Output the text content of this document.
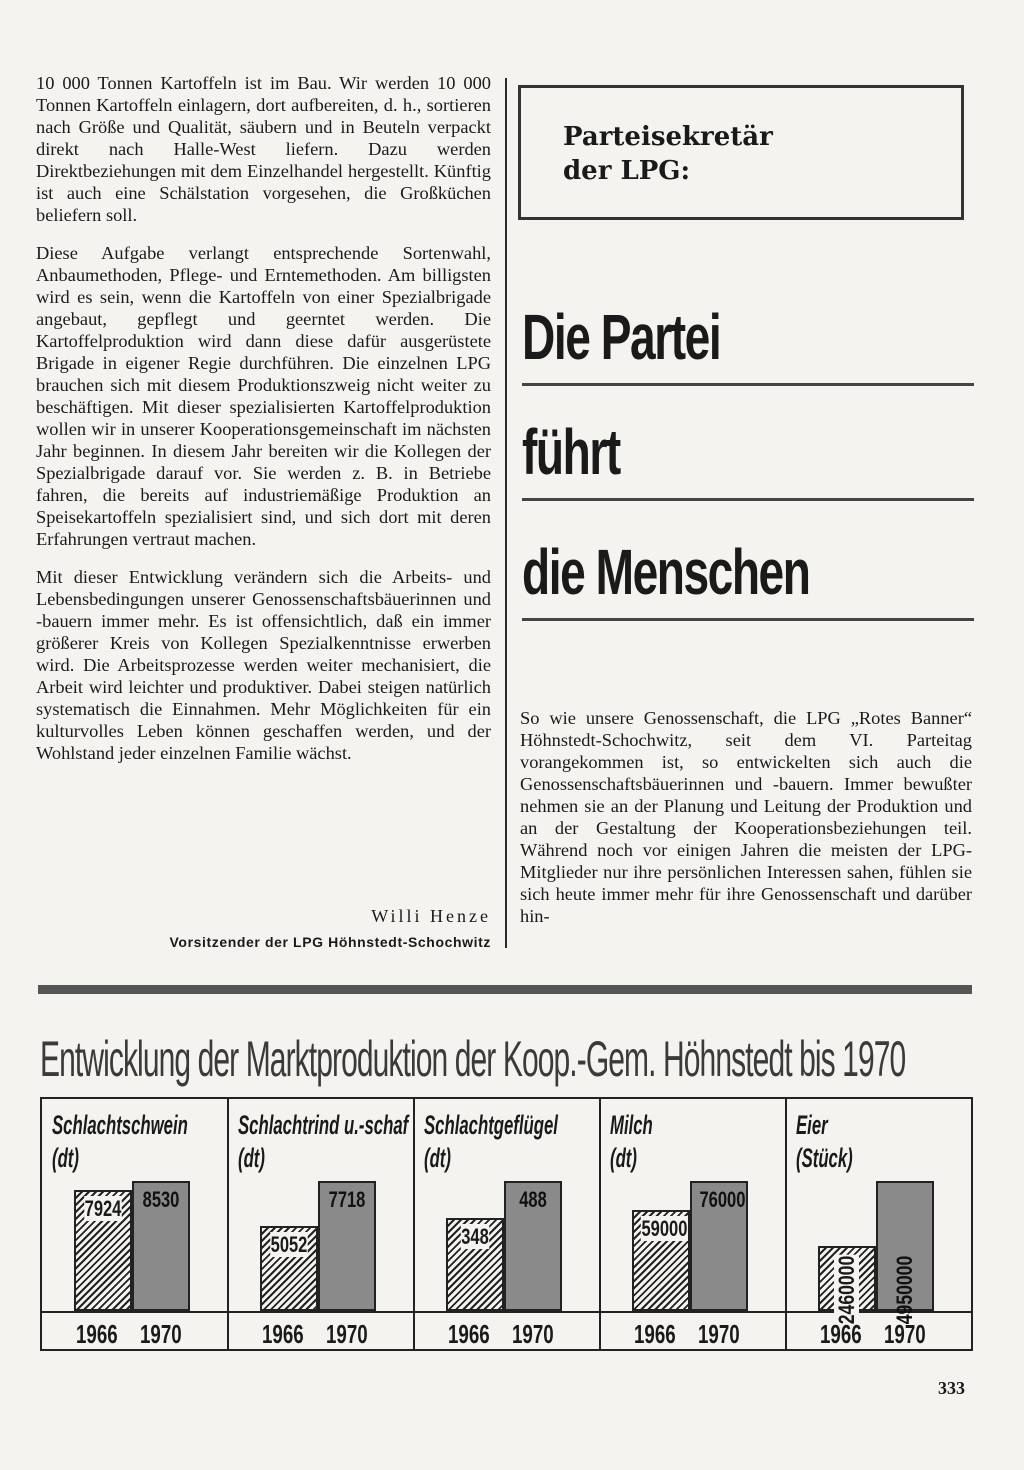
10 000 Tonnen Kartoffeln ist im Bau. Wir werden 10 000 Tonnen Kartoffeln einlagern, dort aufbereiten, d. h., sortieren nach Größe und Qualität, säubern und in Beuteln verpackt direkt nach Halle-West liefern. Dazu werden Direktbeziehungen mit dem Einzelhandel hergestellt. Künftig ist auch eine Schälstation vorgesehen, die Großküchen beliefern soll.

Diese Aufgabe verlangt entsprechende Sortenwahl, Anbaumethoden, Pflege- und Erntemethoden. Am billigsten wird es sein, wenn die Kartoffeln von einer Spezialbrigade angebaut, gepflegt und geerntet werden. Die Kartoffelproduktion wird dann diese dafür ausgerüstete Brigade in eigener Regie durchführen. Die einzelnen LPG brauchen sich mit diesem Produktionszweig nicht weiter zu beschäftigen. Mit dieser spezialisierten Kartoffelproduktion wollen wir in unserer Kooperationsgemeinschaft im nächsten Jahr beginnen. In diesem Jahr bereiten wir die Kollegen der Spezialbrigade darauf vor. Sie werden z. B. in Betriebe fahren, die bereits auf industriemäßige Produktion an Speisekartoffeln spezialisiert sind, und sich dort mit deren Erfahrungen vertraut machen.

Mit dieser Entwicklung verändern sich die Arbeits- und Lebensbedingungen unserer Genossenschaftsbäuerinnen und -bauern immer mehr. Es ist offensichtlich, daß ein immer größerer Kreis von Kollegen Spezialkenntnisse erwerben wird. Die Arbeitsprozesse werden weiter mechanisiert, die Arbeit wird leichter und produktiver. Dabei steigen natürlich systematisch die Einnahmen. Mehr Möglichkeiten für ein kulturvolles Leben können geschaffen werden, und der Wohlstand jeder einzelnen Familie wächst.

Willi Henze
Vorsitzender der LPG Höhnstedt-Schochwitz
Parteisekretär
der LPG:
Die Partei
führt
die Menschen
So wie unsere Genossenschaft, die LPG „Rotes Banner“ Höhnstedt-Schochwitz, seit dem VI. Parteitag vorangekommen ist, so entwickelten sich auch die Genossenschaftsbäuerinnen und -bauern. Immer bewußter nehmen sie an der Planung und Leitung der Produktion und an der Gestaltung der Kooperationsbeziehungen teil. Während noch vor einigen Jahren die meisten der LPG-Mitglieder nur ihre persönlichen Interessen sahen, fühlen sie sich heute immer mehr für ihre Genossenschaft und darüber hin-
Entwicklung der Marktproduktion der Koop.-Gem. Höhnstedt bis 1970
Schlachtschwein
(dt)
7924
1966
8530
1970
Schlachtrind u.-schaf
(dt)
5052
1966
7718
1970
Schlachtgeflügel
(dt)
348
1966
488
1970
Milch
(dt)
59000
1966
76000
1970
Eier
(Stück)
2460000
1966
4950000
1970
333
